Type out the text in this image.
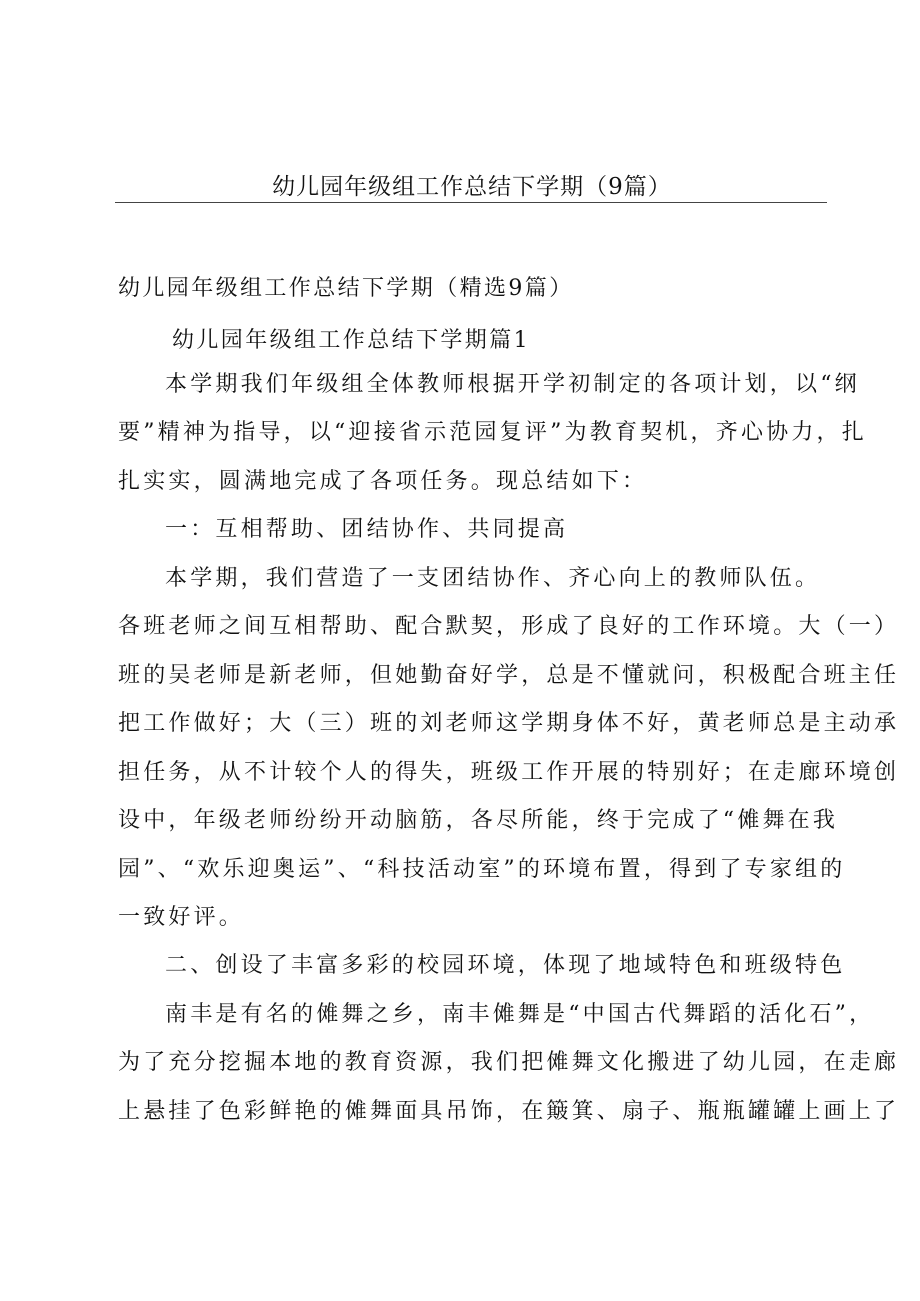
幼儿园年级组工作总结下学期（9篇）
幼儿园年级组工作总结下学期（精选9篇）
幼儿园年级组工作总结下学期篇1
本学期我们年级组全体教师根据开学初制定的各项计划，以“纲
要”精神为指导，以“迎接省示范园复评”为教育契机，齐心协力，扎
扎实实，圆满地完成了各项任务。现总结如下：
一：互相帮助、团结协作、共同提高
本学期，我们营造了一支团结协作、齐心向上的教师队伍。
各班老师之间互相帮助、配合默契，形成了良好的工作环境。大（一）
班的吴老师是新老师，但她勤奋好学，总是不懂就问，积极配合班主任
把工作做好；大（三）班的刘老师这学期身体不好，黄老师总是主动承
担任务，从不计较个人的得失，班级工作开展的特别好；在走廊环境创
设中，年级老师纷纷开动脑筋，各尽所能，终于完成了“傩舞在我
园”、“欢乐迎奥运”、“科技活动室”的环境布置，得到了专家组的
一致好评。
二、创设了丰富多彩的校园环境，体现了地域特色和班级特色
南丰是有名的傩舞之乡，南丰傩舞是“中国古代舞蹈的活化石”，
为了充分挖掘本地的教育资源，我们把傩舞文化搬进了幼儿园，在走廊
上悬挂了色彩鲜艳的傩舞面具吊饰，在簸箕、扇子、瓶瓶罐罐上画上了
